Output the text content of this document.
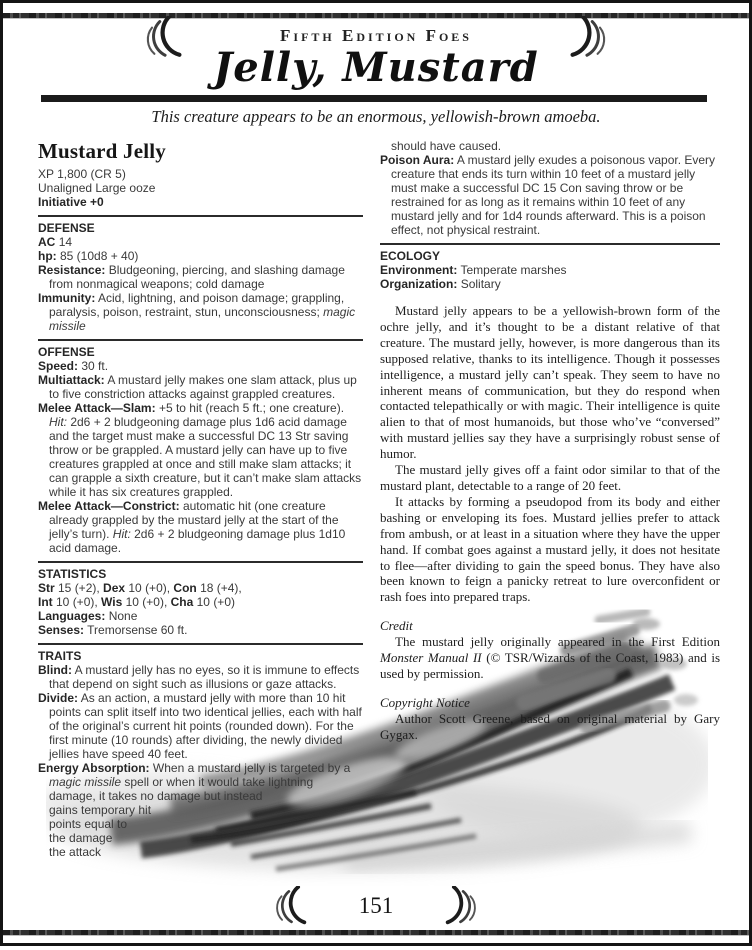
Fifth Edition Foes
Jelly, Mustard
This creature appears to be an enormous, yellowish-brown amoeba.
Mustard Jelly
XP 1,800 (CR 5)
Unaligned Large ooze
Initiative +0
DEFENSE
AC 14
hp: 85 (10d8 + 40)
Resistance: Bludgeoning, piercing, and slashing damage from nonmagical weapons; cold damage
Immunity: Acid, lightning, and poison damage; grappling, paralysis, poison, restraint, stun, unconsciousness; magic missile
OFFENSE
Speed: 30 ft.
Multiattack: A mustard jelly makes one slam attack, plus up to five constriction attacks against grappled creatures.
Melee Attack—Slam: +5 to hit (reach 5 ft.; one creature). Hit: 2d6 + 2 bludgeoning damage plus 1d6 acid damage and the target must make a successful DC 13 Str saving throw or be grappled. A mustard jelly can have up to five creatures grappled at once and still make slam attacks; it can grapple a sixth creature, but it can’t make slam attacks while it has six creatures grappled.
Melee Attack—Constrict: automatic hit (one creature already grappled by the mustard jelly at the start of the jelly’s turn). Hit: 2d6 + 2 bludgeoning damage plus 1d10 acid damage.
STATISTICS
Str 15 (+2), Dex 10 (+0), Con 18 (+4),
Int 10 (+0), Wis 10 (+0), Cha 10 (+0)
Languages: None
Senses: Tremorsense 60 ft.
TRAITS
Blind: A mustard jelly has no eyes, so it is immune to effects that depend on sight such as illusions or gaze attacks.
Divide: As an action, a mustard jelly with more than 10 hit points can split itself into two identical jellies, each with half of the original’s current hit points (rounded down). For the first minute (10 rounds) after dividing, the newly divided jellies have speed 40 feet.
Energy Absorption: When a mustard jelly is targeted by a magic missile spell or when it would take lightning damage, it takes no damage but instead
gains temporary hit
points equal to
the damage
the attack
should have caused.
Poison Aura: A mustard jelly exudes a poisonous vapor. Every creature that ends its turn within 10 feet of a mustard jelly must make a successful DC 15 Con saving throw or be restrained for as long as it remains within 10 feet of any mustard jelly and for 1d4 rounds afterward. This is a poison effect, not physical restraint.
ECOLOGY
Environment: Temperate marshes
Organization: Solitary

Mustard jelly appears to be a yellowish-brown form of the ochre jelly, and it’s thought to be a distant relative of that creature. The mustard jelly, however, is more dangerous than its supposed relative, thanks to its intelligence. Though it possesses intelligence, a mustard jelly can’t speak. They seem to have no inherent means of communication, but they do respond when contacted telepathically or with magic. Their intelligence is quite alien to that of most humanoids, but those who’ve “conversed” with mustard jellies say they have a surprisingly robust sense of humor.

The mustard jelly gives off a faint odor similar to that of the mustard plant, detectable to a range of 20 feet.

It attacks by forming a pseudopod from its body and either bashing or enveloping its foes. Mustard jellies prefer to attack from ambush, or at least in a situation where they have the upper hand. If combat goes against a mustard jelly, it does not hesitate to flee—after dividing to gain the speed bonus. They have also been known to feign a panicky retreat to lure overconfident or rash foes into prepared traps.

Credit
The mustard jelly originally appeared in the First Edition Monster Manual II (© TSR/Wizards of the Coast, 1983) and is used by permission.
Copyright Notice
Author Scott Greene, based on original material by Gary Gygax.
151
